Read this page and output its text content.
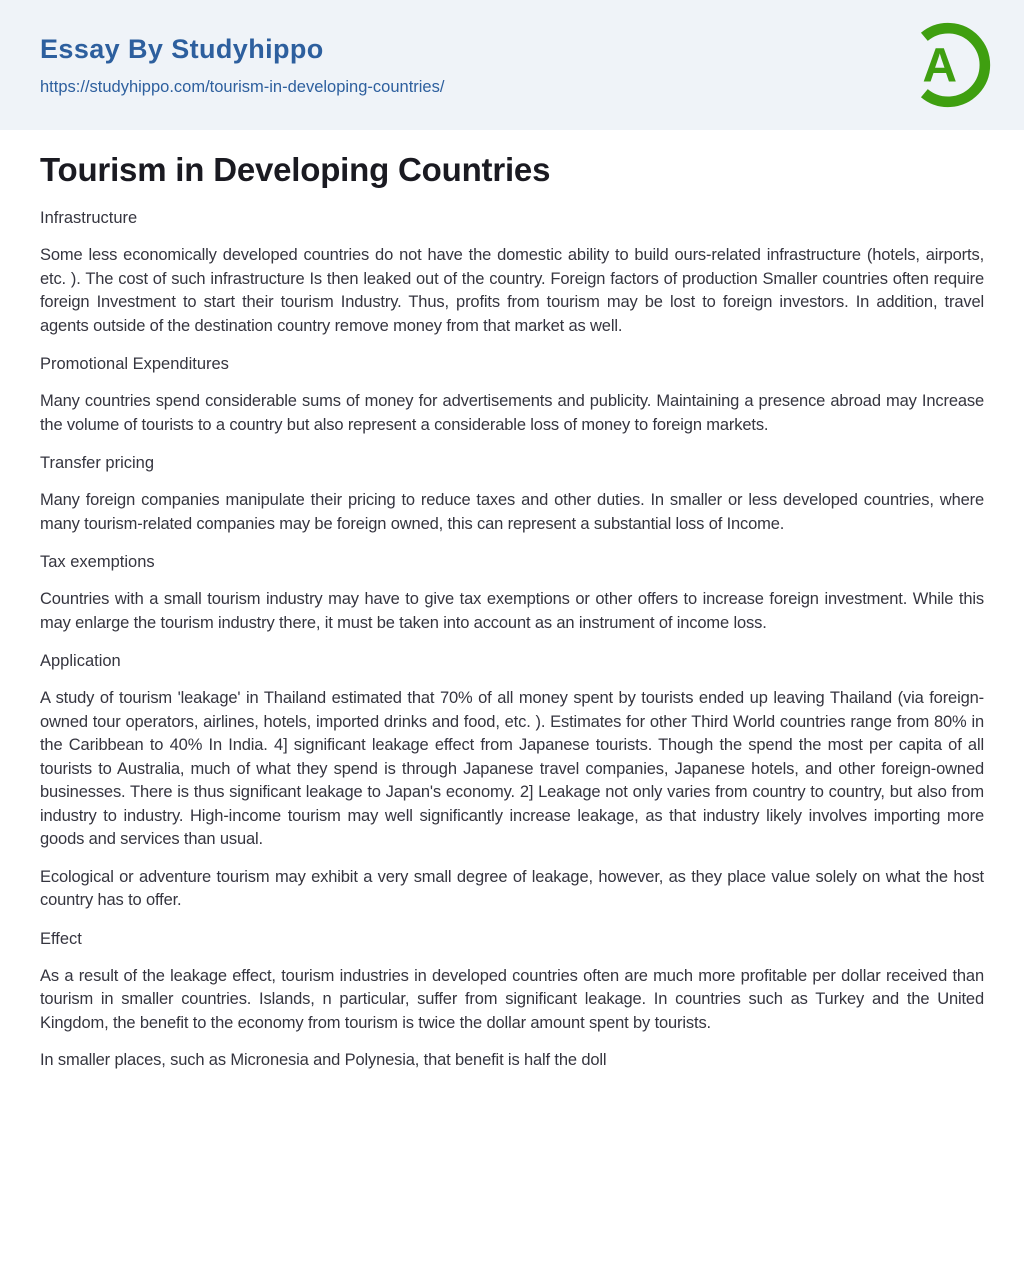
Essay By Studyhippo
https://studyhippo.com/tourism-in-developing-countries/	A
Tourism in Developing Countries
Infrastructure

Some less economically developed countries do not have the domestic ability to build ours-related infrastructure (hotels, airports, etc. ). The cost of such infrastructure Is then leaked out of the country. Foreign factors of production Smaller countries often require foreign Investment to start their tourism Industry. Thus, profits from tourism may be lost to foreign investors. In addition, travel agents outside of the destination country remove money from that market as well.

Promotional Expenditures

Many countries spend considerable sums of money for advertisements and publicity. Maintaining a presence abroad may Increase the volume of tourists to a country but also represent a considerable loss of money to foreign markets.

Transfer pricing

Many foreign companies manipulate their pricing to reduce taxes and other duties. In smaller or less developed countries, where many tourism-related companies may be foreign owned, this can represent a substantial loss of Income.

Tax exemptions

Countries with a small tourism industry may have to give tax exemptions or other offers to increase foreign investment. While this may enlarge the tourism industry there, it must be taken into account as an instrument of income loss.

Application

A study of tourism 'leakage' in Thailand estimated that 70% of all money spent by tourists ended up leaving Thailand (via foreign-owned tour operators, airlines, hotels, imported drinks and food, etc. ). Estimates for other Third World countries range from 80% in the Caribbean to 40% In India. 4] significant leakage effect from Japanese tourists. Though the spend the most per capita of all tourists to Australia, much of what they spend is through Japanese travel companies, Japanese hotels, and other foreign-owned businesses. There is thus significant leakage to Japan's economy. 2] Leakage not only varies from country to country, but also from industry to industry. High-income tourism may well significantly increase leakage, as that industry likely involves importing more goods and services than usual.

Ecological or adventure tourism may exhibit a very small degree of leakage, however, as they place value solely on what the host country has to offer.

Effect

As a result of the leakage effect, tourism industries in developed countries often are much more profitable per dollar received than tourism in smaller countries. Islands, n particular, suffer from significant leakage. In countries such as Turkey and the United Kingdom, the benefit to the economy from tourism is twice the dollar amount spent by tourists.

In smaller places, such as Micronesia and Polynesia, that benefit is half the doll
